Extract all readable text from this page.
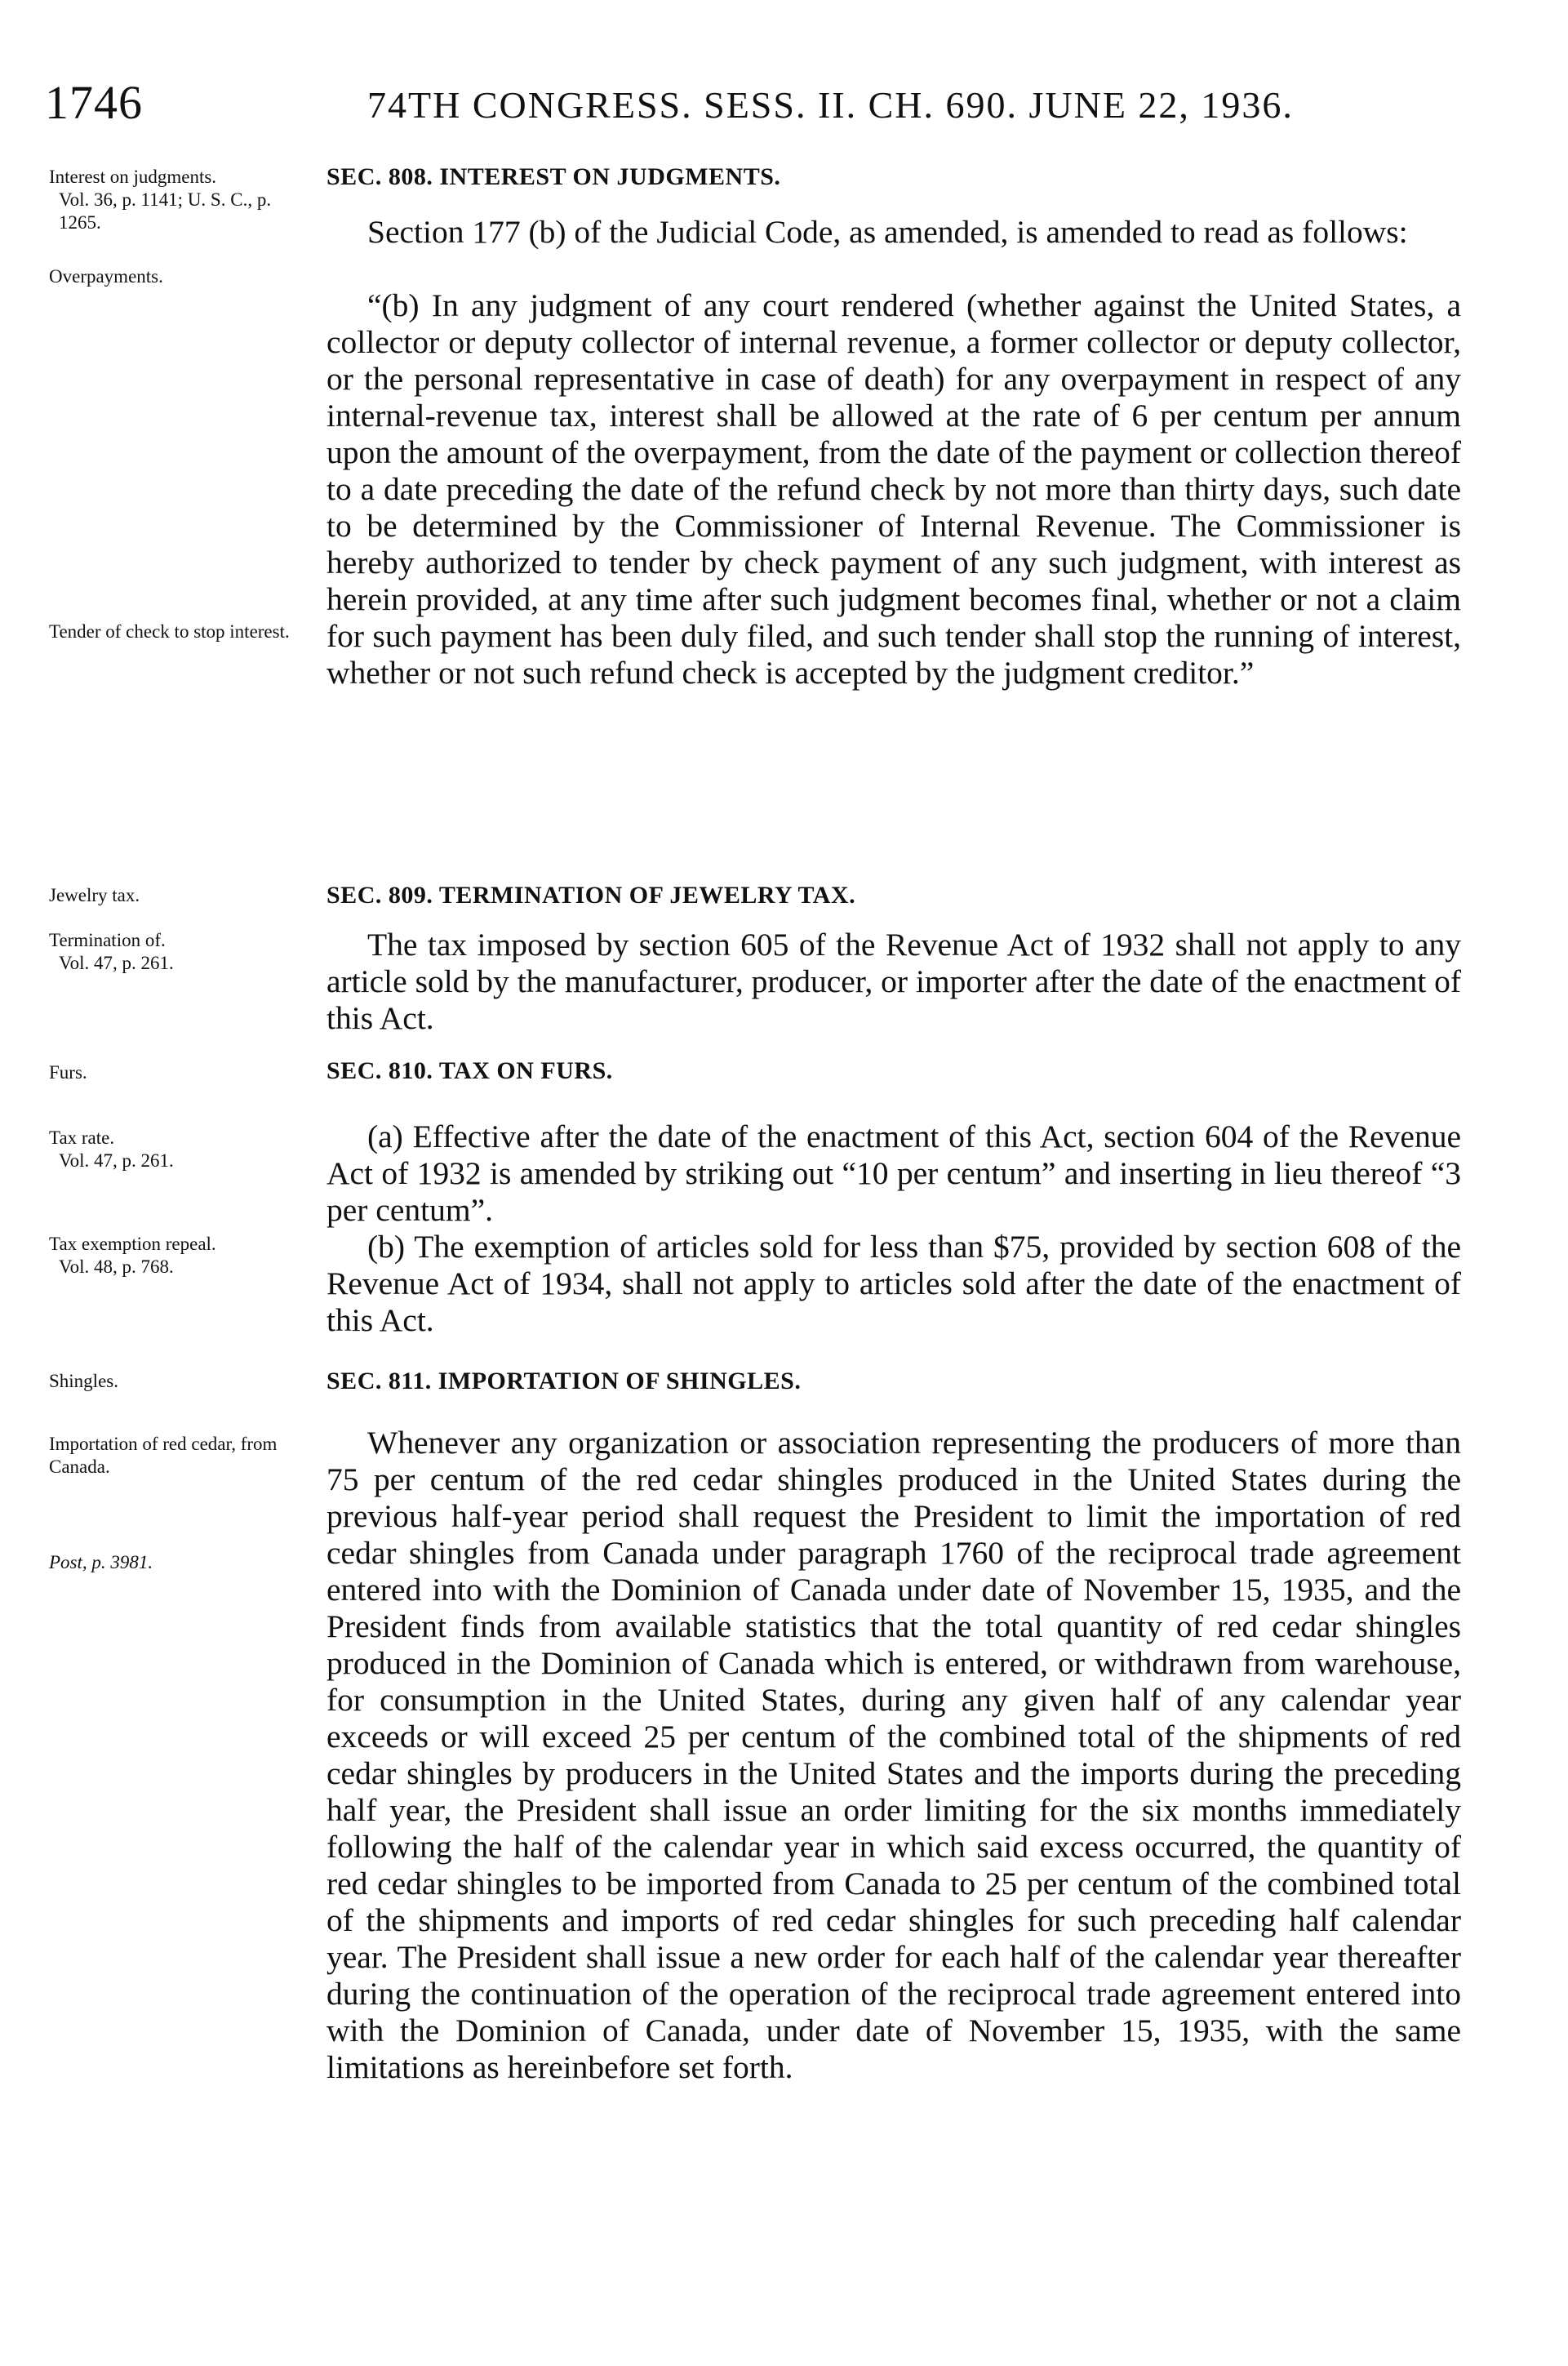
1746	74TH CONGRESS. SESS. II. CH. 690. JUNE 22, 1936.
Interest on judgments.
Vol. 36, p. 1141; U. S. C., p. 1265.
Overpayments.
Tender of check to stop interest.
Jewelry tax.
Termination of.
Vol. 47, p. 261.
Furs.
Tax rate.
Vol. 47, p. 261.
Tax exemption repeal.
Vol. 48, p. 768.
Shingles.
Importation of red cedar, from Canada.
Post, p. 3981.
SEC. 808. INTEREST ON JUDGMENTS.
Section 177 (b) of the Judicial Code, as amended, is amended to read as follows:
“(b) In any judgment of any court rendered (whether against the United States, a collector or deputy collector of internal revenue, a former collector or deputy collector, or the personal representative in case of death) for any overpayment in respect of any internal-revenue tax, interest shall be allowed at the rate of 6 per centum per annum upon the amount of the overpayment, from the date of the payment or collection thereof to a date preceding the date of the refund check by not more than thirty days, such date to be determined by the Commissioner of Internal Revenue. The Commissioner is hereby authorized to tender by check payment of any such judgment, with interest as herein provided, at any time after such judgment becomes final, whether or not a claim for such payment has been duly filed, and such tender shall stop the running of interest, whether or not such refund check is accepted by the judgment creditor.”
SEC. 809. TERMINATION OF JEWELRY TAX.
The tax imposed by section 605 of the Revenue Act of 1932 shall not apply to any article sold by the manufacturer, producer, or importer after the date of the enactment of this Act.
SEC. 810. TAX ON FURS.
(a) Effective after the date of the enactment of this Act, section 604 of the Revenue Act of 1932 is amended by striking out “10 per centum” and inserting in lieu thereof “3 per centum”.
(b) The exemption of articles sold for less than $75, provided by section 608 of the Revenue Act of 1934, shall not apply to articles sold after the date of the enactment of this Act.
SEC. 811. IMPORTATION OF SHINGLES.
Whenever any organization or association representing the producers of more than 75 per centum of the red cedar shingles produced in the United States during the previous half-year period shall request the President to limit the importation of red cedar shingles from Canada under paragraph 1760 of the reciprocal trade agreement entered into with the Dominion of Canada under date of November 15, 1935, and the President finds from available statistics that the total quantity of red cedar shingles produced in the Dominion of Canada which is entered, or withdrawn from warehouse, for consumption in the United States, during any given half of any calendar year exceeds or will exceed 25 per centum of the combined total of the shipments of red cedar shingles by producers in the United States and the imports during the preceding half year, the President shall issue an order limiting for the six months immediately following the half of the calendar year in which said excess occurred, the quantity of red cedar shingles to be imported from Canada to 25 per centum of the combined total of the shipments and imports of red cedar shingles for such preceding half calendar year. The President shall issue a new order for each half of the calendar year thereafter during the continuation of the operation of the reciprocal trade agreement entered into with the Dominion of Canada, under date of November 15, 1935, with the same limitations as hereinbefore set forth.
